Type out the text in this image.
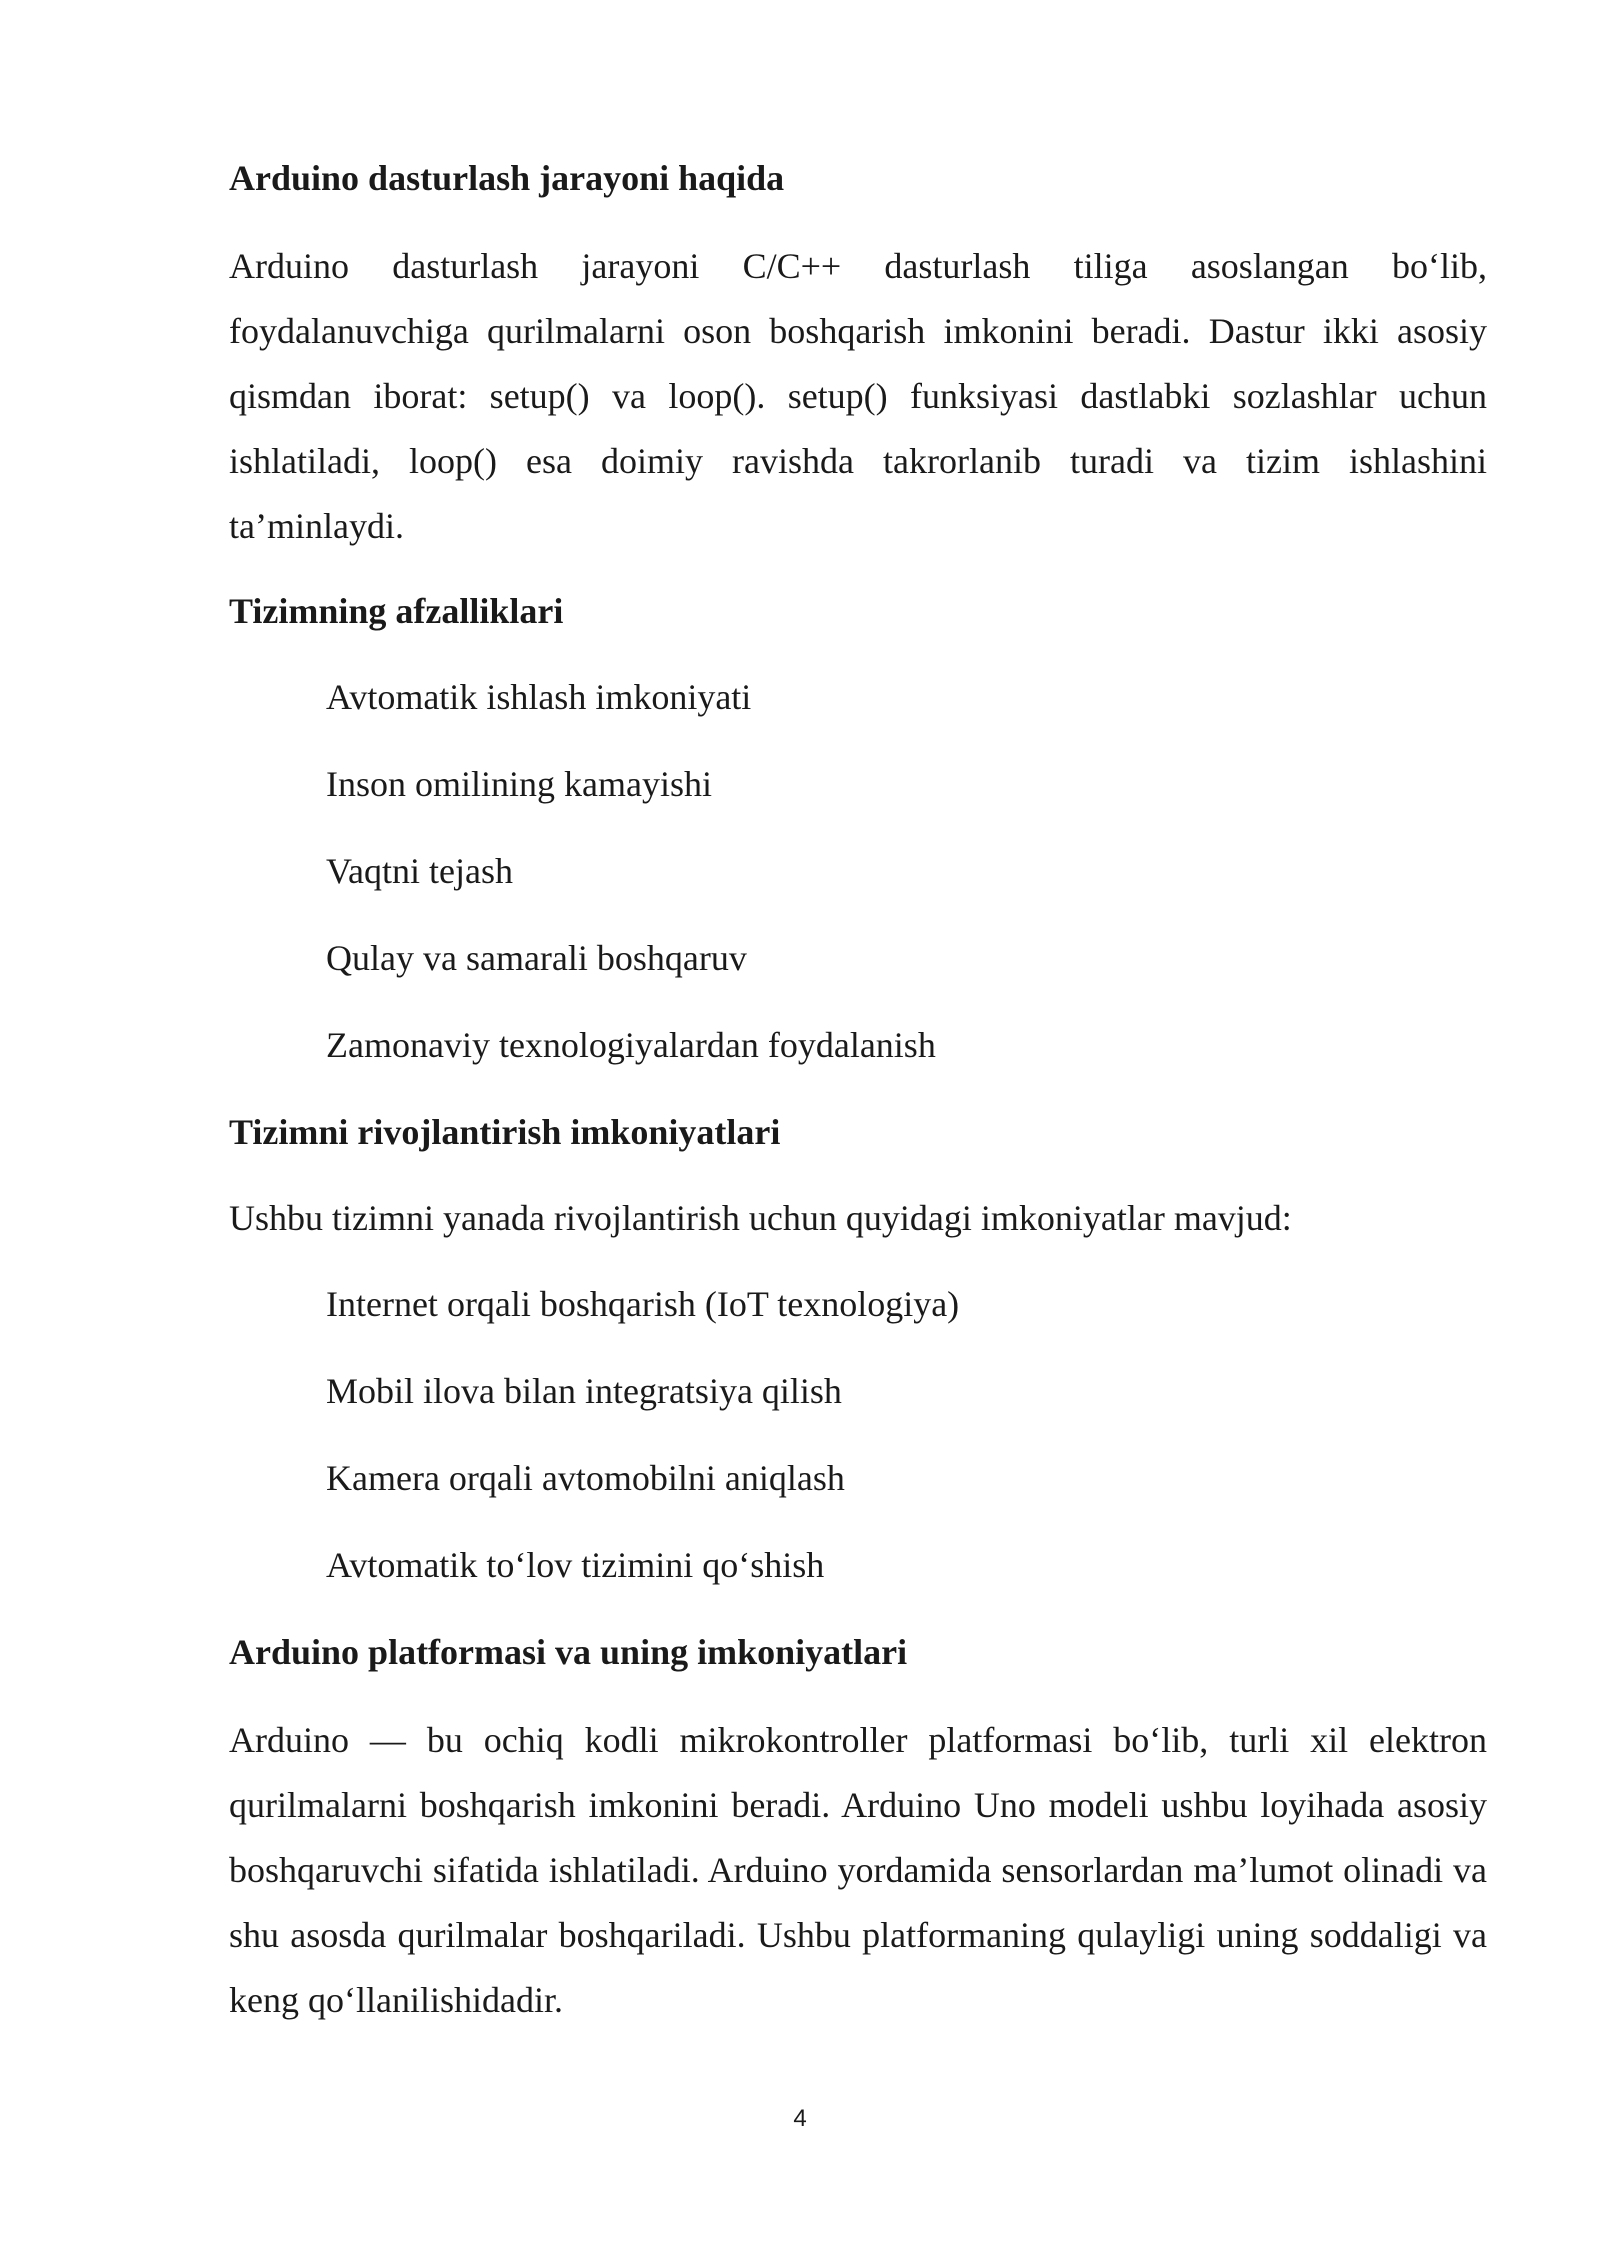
Arduino dasturlash jarayoni haqida

Arduino dasturlash jarayoni C/C++ dasturlash tiliga asoslangan bo‘lib, foydalanuvchiga qurilmalarni oson boshqarish imkonini beradi. Dastur ikki asosiy qismdan iborat: setup() va loop(). setup() funksiyasi dastlabki sozlashlar uchun ishlatiladi, loop() esa doimiy ravishda takrorlanib turadi va tizim ishlashini ta’minlaydi.

Tizimning afzalliklari
Avtomatik ishlash imkoniyati
Inson omilining kamayishi
Vaqtni tejash
Qulay va samarali boshqaruv
Zamonaviy texnologiyalardan foydalanish
Tizimni rivojlantirish imkoniyatlari

Ushbu tizimni yanada rivojlantirish uchun quyidagi imkoniyatlar mavjud:

Internet orqali boshqarish (IoT texnologiya)
Mobil ilova bilan integratsiya qilish
Kamera orqali avtomobilni aniqlash
Avtomatik to‘lov tizimini qo‘shish
Arduino platformasi va uning imkoniyatlari

Arduino — bu ochiq kodli mikrokontroller platformasi bo‘lib, turli xil elektron qurilmalarni boshqarish imkonini beradi. Arduino Uno modeli ushbu loyihada asosiy boshqaruvchi sifatida ishlatiladi. Arduino yordamida sensorlardan ma’lumot olinadi va shu asosda qurilmalar boshqariladi. Ushbu platformaning qulayligi uning soddaligi va keng qo‘llanilishidadir.

4
